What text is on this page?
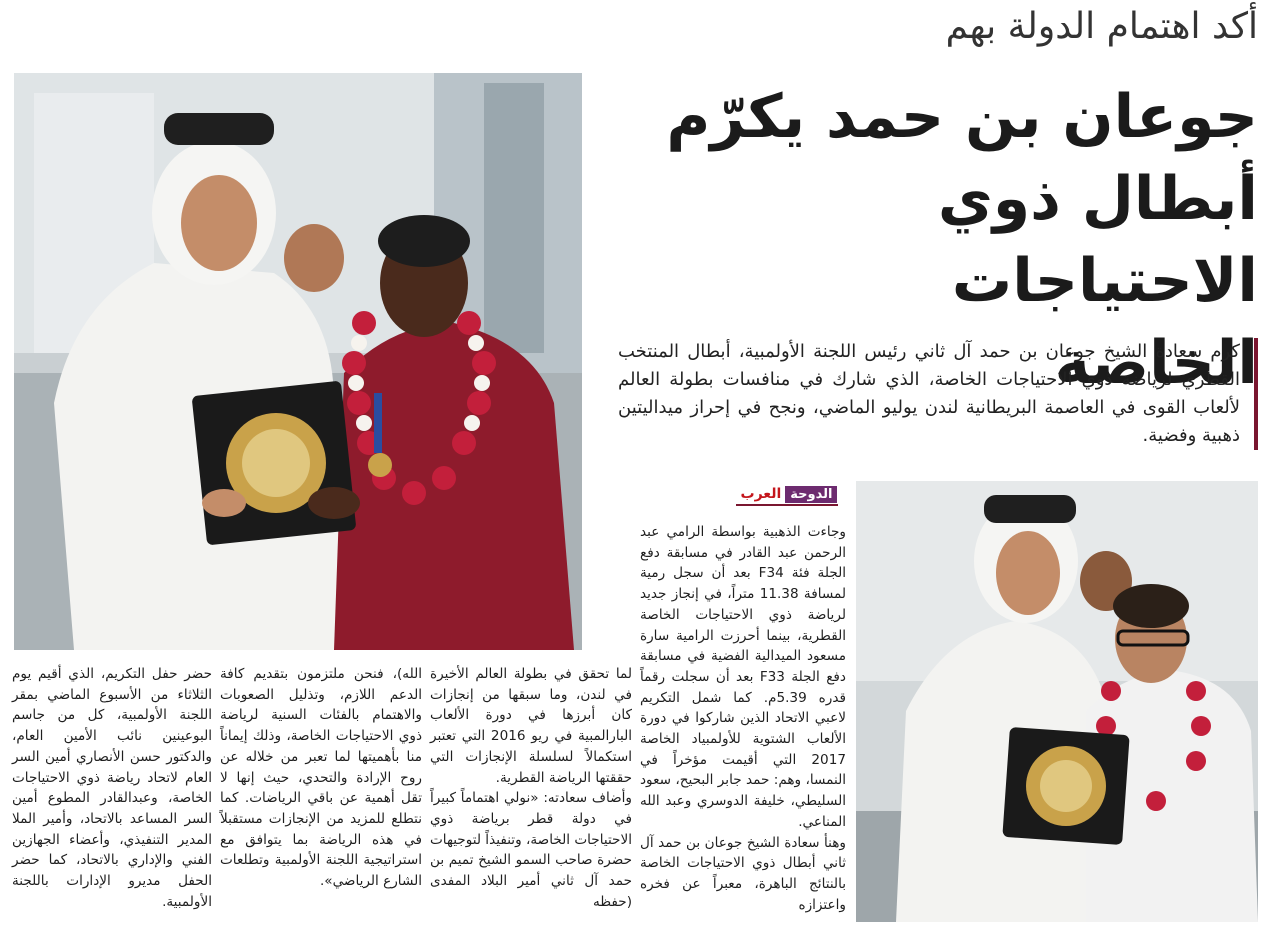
أكد اهتمام الدولة بهم
جوعان بن حمد يكرّم
أبطال ذوي الاحتياجات
الخاصة
كرم سعادة الشيخ جوعان بن حمد آل ثاني رئيس اللجنة الأولمبية، أبطال المنتخب القطري لرياضة ذوي الاحتياجات الخاصة، الذي شارك في منافسات بطولة العالم لألعاب القوى في العاصمة البريطانية لندن يوليو الماضي، ونجح في إحراز ميداليتين ذهبية وفضية.
الدوحة
العرب
وجاءت الذهبية بواسطة الرامي عبد الرحمن عبد القادر في مسابقة دفع الجلة فئة F34 بعد أن سجل رمية لمسافة 11.38 متراً، في إنجاز جديد لرياضة ذوي الاحتياجات الخاصة القطرية، بينما أحرزت الرامية سارة مسعود الميدالية الفضية في مسابقة دفع الجلة F33 بعد أن سجلت رقماً قدره 5.39م. كما شمل التكريم لاعبي الاتحاد الذين شاركوا في دورة الألعاب الشتوية للأولمبياد الخاصة 2017 التي أقيمت مؤخراً في النمسا، وهم: حمد جابر البحيح، سعود السليطي، خليفة الدوسري وعبد الله المناعي.
وهنأ سعادة الشيخ جوعان بن حمد آل ثاني أبطال ذوي الاحتياجات الخاصة بالنتائج الباهرة، معبراً عن فخره واعتزازه
لما تحقق في بطولة العالم الأخيرة في لندن، وما سبقها من إنجازات كان أبرزها في دورة الألعاب البارالمبية في ريو 2016 التي تعتبر استكمالاً لسلسلة الإنجازات التي حققتها الرياضة القطرية.
وأضاف سعادته: «نولي اهتماماً كبيراً في دولة قطر برياضة ذوي الاحتياجات الخاصة، وتنفيذاً لتوجيهات حضرة صاحب السمو الشيخ تميم بن حمد آل ثاني أمير البلاد المفدى (حفظه
الله)، فنحن ملتزمون بتقديم كافة الدعم اللازم، وتذليل الصعوبات والاهتمام بالفئات السنية لرياضة ذوي الاحتياجات الخاصة، وذلك إيماناً منا بأهميتها لما تعبر من خلاله عن روح الإرادة والتحدي، حيث إنها لا تقل أهمية عن باقي الرياضات. كما نتطلع للمزيد من الإنجازات مستقبلاً في هذه الرياضة بما يتوافق مع استراتيجية اللجنة الأولمبية وتطلعات الشارع الرياضي».
حضر حفل التكريم، الذي أقيم يوم الثلاثاء من الأسبوع الماضي بمقر اللجنة الأولمبية، كل من جاسم البوعينين نائب الأمين العام، والدكتور حسن الأنصاري أمين السر العام لاتحاد رياضة ذوي الاحتياجات الخاصة، وعبدالقادر المطوع أمين السر المساعد بالاتحاد، وأمير الملا المدير التنفيذي، وأعضاء الجهازين الفني والإداري بالاتحاد، كما حضر الحفل مديرو الإدارات باللجنة الأولمبية.
